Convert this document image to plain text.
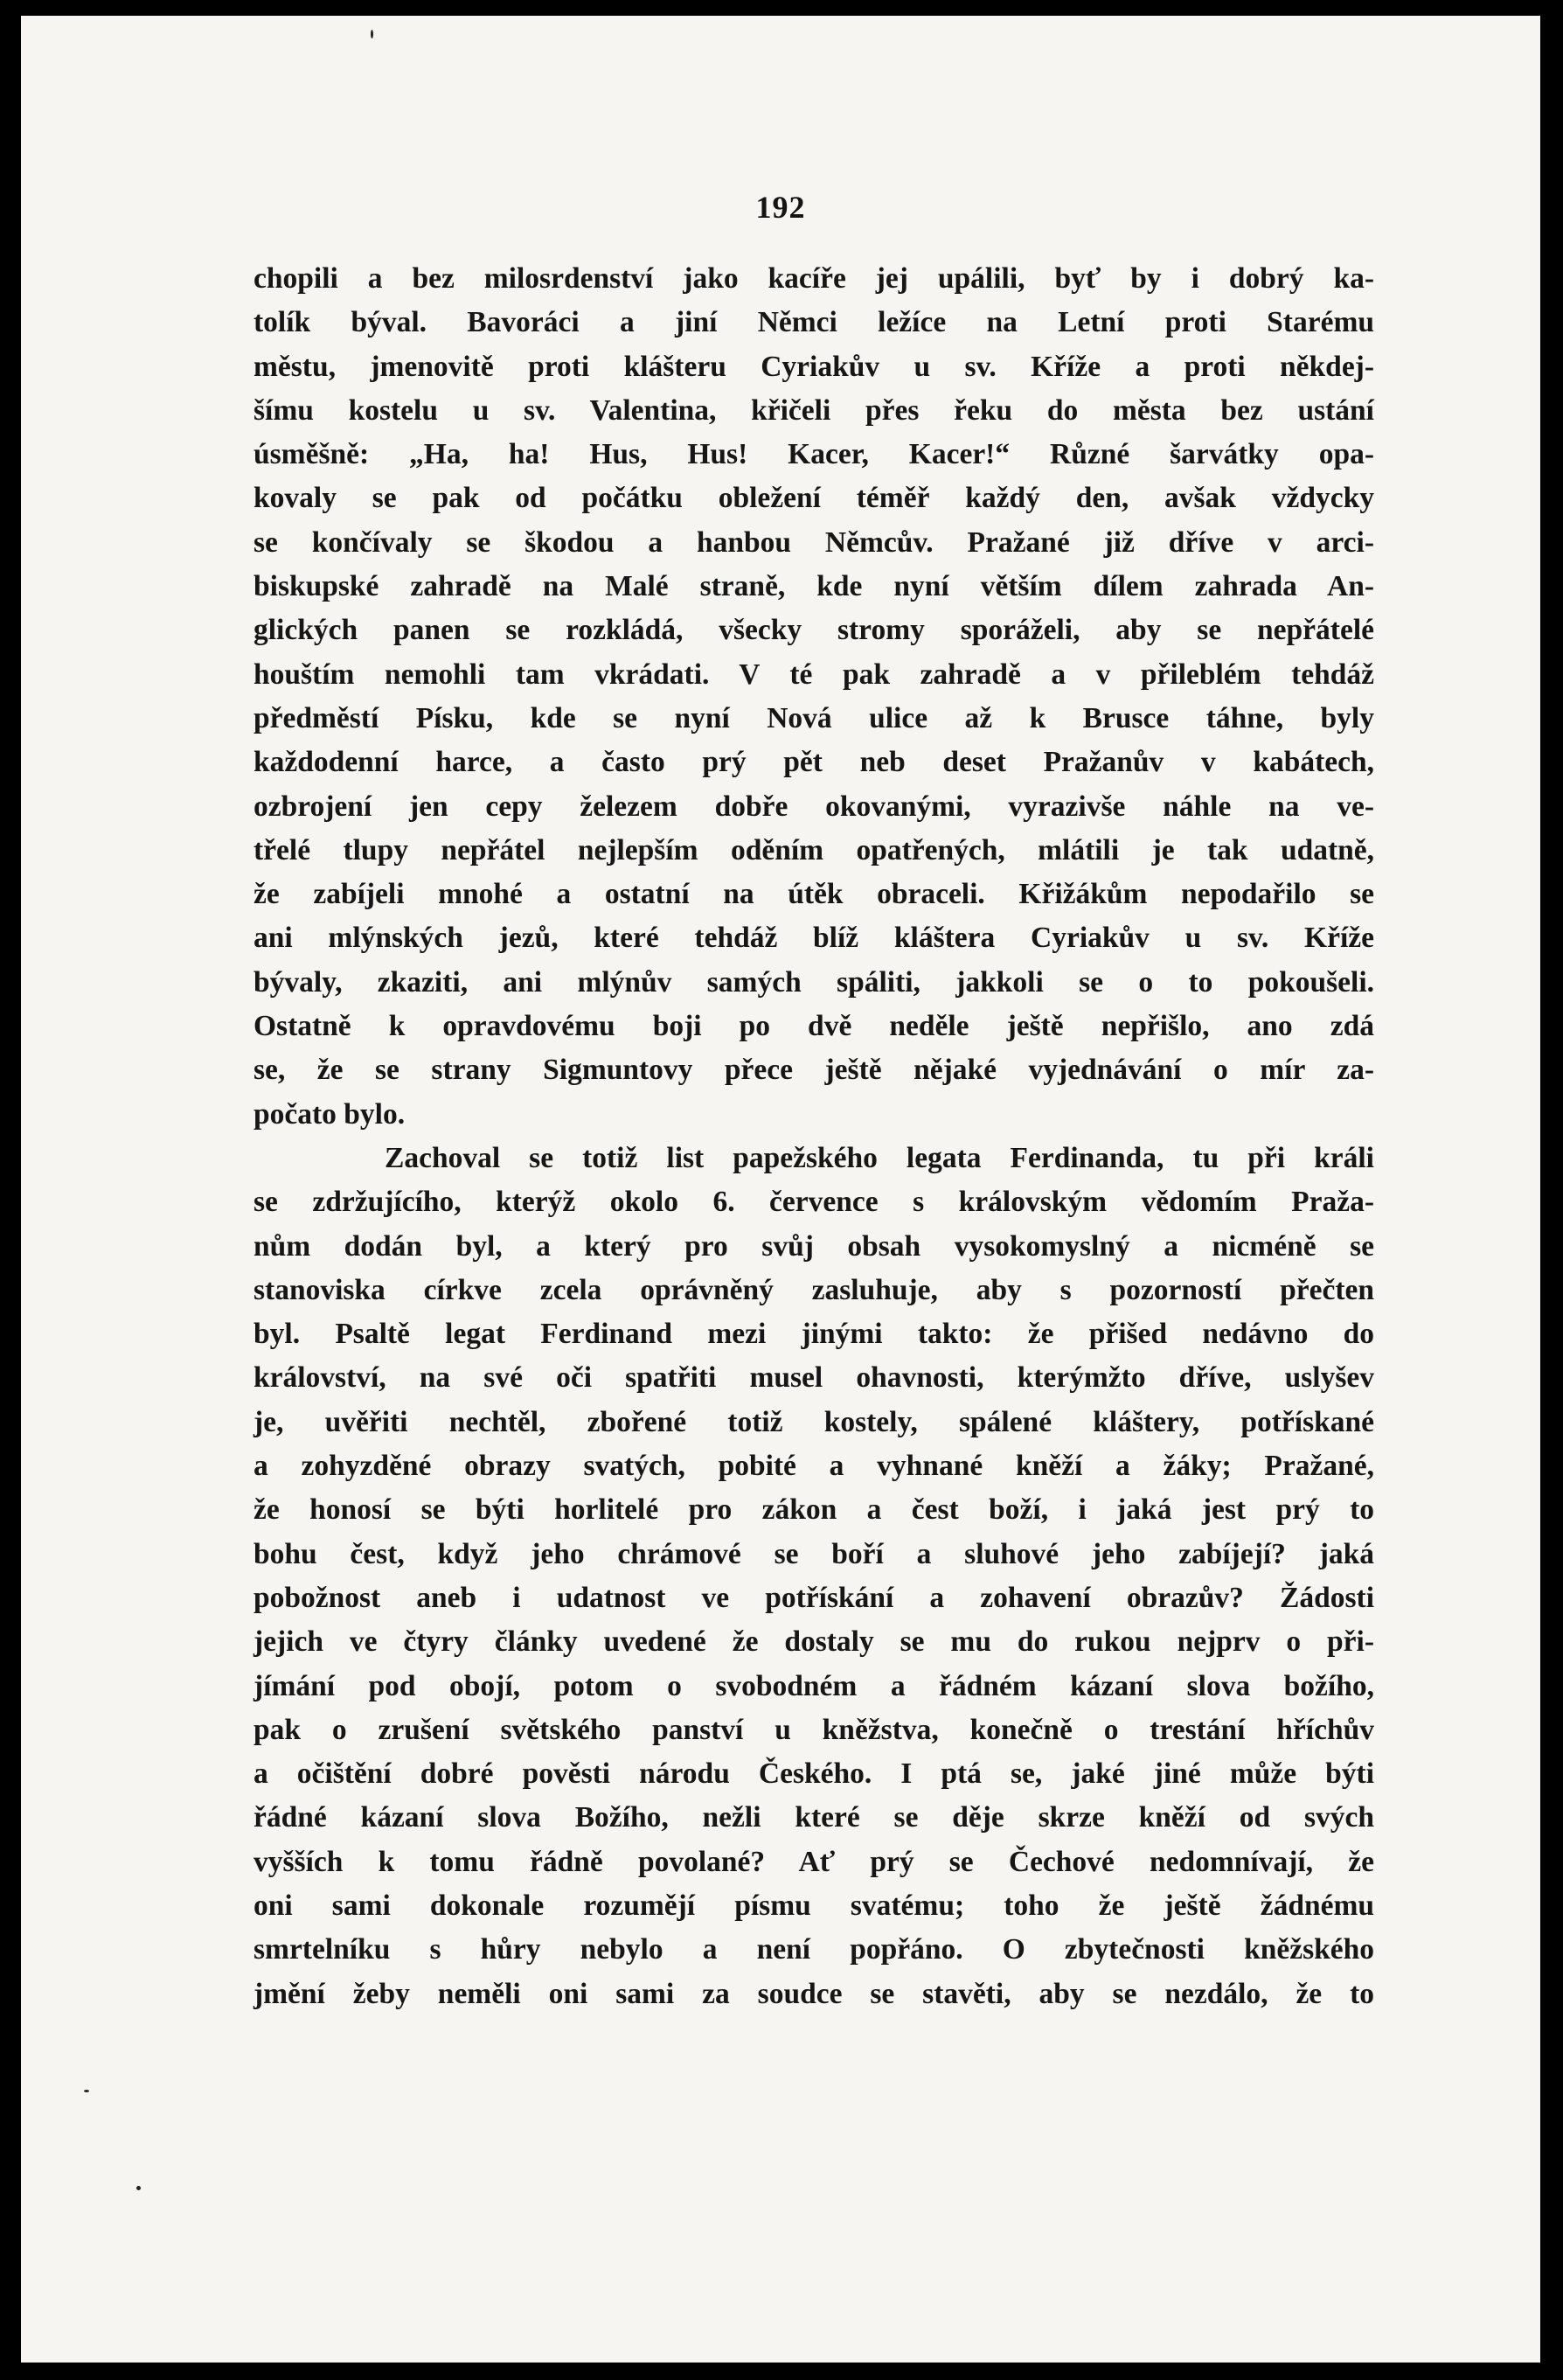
192
chopili a bez milosrdenství jako kacíře jej upálili, byť by i dobrý ka-
tolík býval. Bavoráci a jiní Němci ležíce na Letní proti Starému
městu, jmenovitě proti klášteru Cyriakův u sv. Kříže a proti někdej-
šímu kostelu u sv. Valentina, křičeli přes řeku do města bez ustání
úsměšně: „Ha, ha! Hus, Hus! Kacer, Kacer!“ Různé šarvátky opa-
kovaly se pak od počátku obležení téměř každý den, avšak vždycky
se končívaly se škodou a hanbou Němcův. Pražané již dříve v arci-
biskupské zahradě na Malé straně, kde nyní větším dílem zahrada An-
glických panen se rozkládá, všecky stromy sporáželi, aby se nepřátelé
houštím nemohli tam vkrádati. V té pak zahradě a v přileblém tehdáž
předměstí Písku, kde se nyní Nová ulice až k Brusce táhne, byly
každodenní harce, a často prý pět neb deset Pražanův v kabátech,
ozbrojení jen cepy železem dobře okovanými, vyrazivše náhle na ve-
třelé tlupy nepřátel nejlepším oděním opatřených, mlátili je tak udatně,
že zabíjeli mnohé a ostatní na útěk obraceli. Křižákům nepodařilo se
ani mlýnských jezů, které tehdáž blíž kláštera Cyriakův u sv. Kříže
bývaly, zkaziti, ani mlýnův samých spáliti, jakkoli se o to pokoušeli.
Ostatně k opravdovému boji po dvě neděle ještě nepřišlo, ano zdá
se, že se strany Sigmuntovy přece ještě nějaké vyjednávání o mír za-
počato bylo.
Zachoval se totiž list papežského legata Ferdinanda, tu při králi
se zdržujícího, kterýž okolo 6. července s královským vědomím Praža-
nům dodán byl, a který pro svůj obsah vysokomyslný a nicméně se
stanoviska církve zcela oprávněný zasluhuje, aby s pozorností přečten
byl. Psaltě legat Ferdinand mezi jinými takto: že přišed nedávno do
království, na své oči spatřiti musel ohavnosti, kterýmžto dříve, uslyšev
je, uvěřiti nechtěl, zbořené totiž kostely, spálené kláštery, potřískané
a zohyzděné obrazy svatých, pobité a vyhnané kněží a žáky; Pražané,
že honosí se býti horlitelé pro zákon a čest boží, i jaká jest prý to
bohu čest, když jeho chrámové se boří a sluhové jeho zabíjejí? jaká
pobožnost aneb i udatnost ve potřískání a zohavení obrazův? Žádosti
jejich ve čtyry články uvedené že dostaly se mu do rukou nejprv o při-
jímání pod obojí, potom o svobodném a řádném kázaní slova božího,
pak o zrušení světského panství u kněžstva, konečně o trestání hříchův
a očištění dobré pověsti národu Českého. I ptá se, jaké jiné může býti
řádné kázaní slova Božího, nežli které se děje skrze kněží od svých
vyšších k tomu řádně povolané? Ať prý se Čechové nedomnívají, že
oni sami dokonale rozumějí písmu svatému; toho že ještě žádnému
smrtelníku s hůry nebylo a není popřáno. O zbytečnosti kněžského
jmění žeby neměli oni sami za soudce se stavěti, aby se nezdálo, že to
